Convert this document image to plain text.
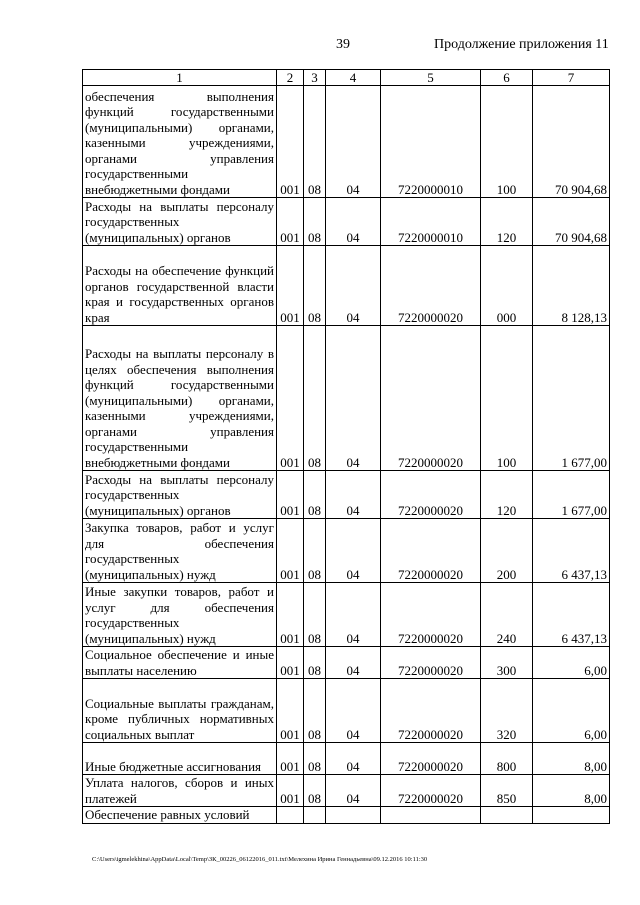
39	Продолжение приложения 11
1	2	3	4	5	6	7
обеспечения выполнения функций государственными (муниципальными) органами, казенными учреждениями, органами управления государственными внебюджетными фондами	001	08	04	7220000010	100	70 904,68
Расходы на выплаты персоналу государственных (муниципальных) органов	001	08	04	7220000010	120	70 904,68
Расходы на обеспечение функций органов государственной власти края и государственных органов края	001	08	04	7220000020	000	8 128,13
Расходы на выплаты персоналу в целях обеспечения выполнения функций государственными (муниципальными) органами, казенными учреждениями, органами управления государственными внебюджетными фондами	001	08	04	7220000020	100	1 677,00
Расходы на выплаты персоналу государственных (муниципальных) органов	001	08	04	7220000020	120	1 677,00
Закупка товаров, работ и услуг для обеспечения государственных (муниципальных) нужд	001	08	04	7220000020	200	6 437,13
Иные закупки товаров, работ и услуг для обеспечения государственных (муниципальных) нужд	001	08	04	7220000020	240	6 437,13
Социальное обеспечение и иные выплаты населению	001	08	04	7220000020	300	6,00
Социальные выплаты гражданам, кроме публичных нормативных социальных выплат	001	08	04	7220000020	320	6,00
Иные бюджетные ассигнования	001	08	04	7220000020	800	8,00
Уплата налогов, сборов и иных платежей	001	08	04	7220000020	850	8,00
Обеспечение равных условий						
C:\Users\igmelekhina\AppData\Local\Temp\ЗК_00226_06122016_011.txt\Мелехина Ирина Геннадьевна\09.12.2016 10:11:30
